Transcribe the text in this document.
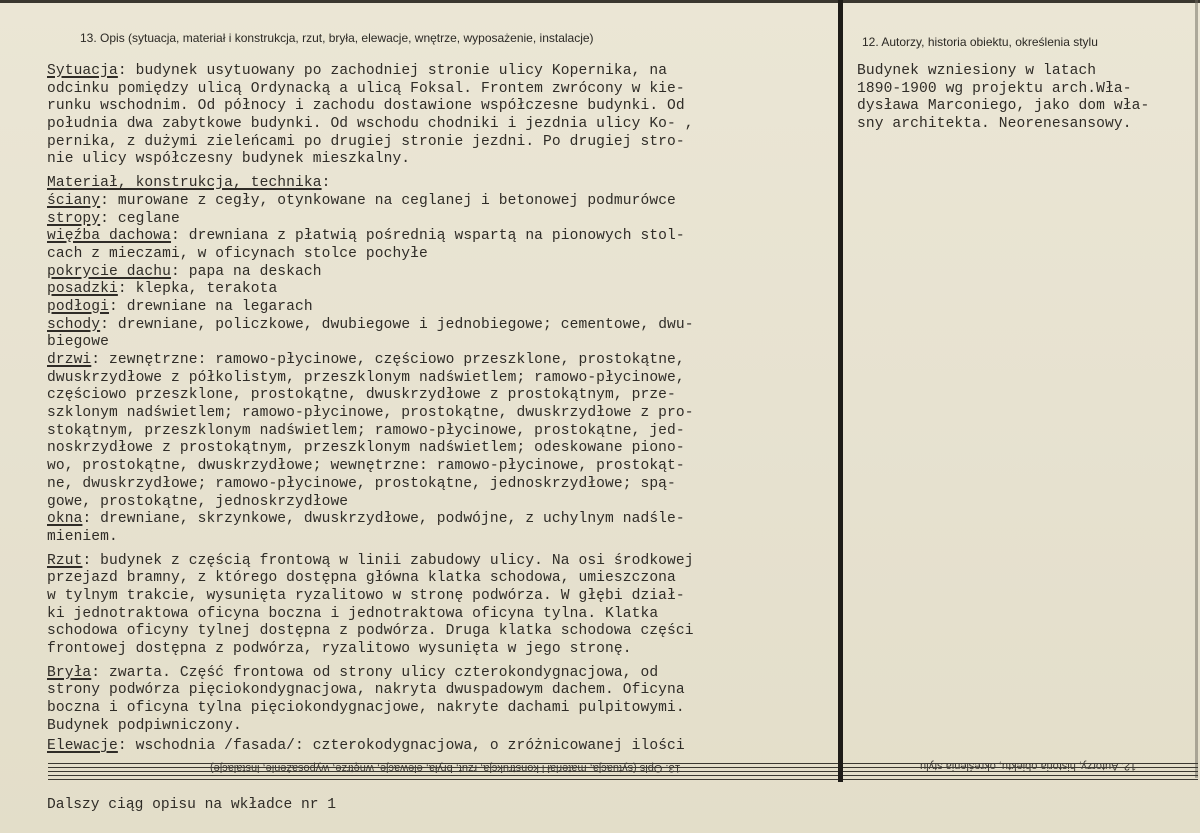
13. Opis (sytuacja, materiał i konstrukcja, rzut, bryła, elewacje, wnętrze, wyposażenie, instalacje)	12. Autorzy, historia obiektu, określenia stylu
Sytuacja: budynek usytuowany po zachodniej stronie ulicy Kopernika, na
odcinku pomiędzy ulicą Ordynacką a ulicą Foksal. Frontem zwrócony w kie-
runku wschodnim. Od północy i zachodu dostawione współczesne budynki. Od
południa dwa zabytkowe budynki. Od wschodu chodniki i jezdnia ulicy Ko- ,
pernika, z dużymi zieleńcami po drugiej stronie jezdni. Po drugiej stro-
nie ulicy współczesny budynek mieszkalny.
Materiał, konstrukcja, technika:
ściany: murowane z cegły, otynkowane na ceglanej i betonowej podmurówce
stropy: ceglane
więźba dachowa: drewniana z płatwią pośrednią wspartą na pionowych stol-
cach z mieczami, w oficynach stolce pochyłe
pokrycie dachu: papa na deskach
posadzki: klepka, terakota
podłogi: drewniane na legarach
schody: drewniane, policzkowe, dwubiegowe i jednobiegowe; cementowe, dwu-
biegowe
drzwi: zewnętrzne: ramowo-płycinowe, częściowo przeszklone, prostokątne,
dwuskrzydłowe z półkolistym, przeszklonym nadświetlem; ramowo-płycinowe,
częściowo przeszklone, prostokątne, dwuskrzydłowe z prostokątnym, prze-
szklonym nadświetlem; ramowo-płycinowe, prostokątne, dwuskrzydłowe z pro-
stokątnym, przeszklonym nadświetlem; ramowo-płycinowe, prostokątne, jed-
noskrzydłowe z prostokątnym, przeszklonym nadświetlem; odeskowane piono-
wo, prostokątne, dwuskrzydłowe; wewnętrzne: ramowo-płycinowe, prostokąt-
ne, dwuskrzydłowe; ramowo-płycinowe, prostokątne, jednoskrzydłowe; spą-
gowe, prostokątne, jednoskrzydłowe
okna: drewniane, skrzynkowe, dwuskrzydłowe, podwójne, z uchylnym nadśle-
mieniem.
Rzut: budynek z częścią frontową w linii zabudowy ulicy. Na osi środkowej
przejazd bramny, z którego dostępna główna klatka schodowa, umieszczona
w tylnym trakcie, wysunięta ryzalitowo w stronę podwórza. W głębi dział-
ki jednotraktowa oficyna boczna i jednotraktowa oficyna tylna. Klatka
schodowa oficyny tylnej dostępna z podwórza. Druga klatka schodowa części
frontowej dostępna z podwórza, ryzalitowo wysunięta w jego stronę.
Bryła: zwarta. Część frontowa od strony ulicy czterokondygnacjowa, od
strony podwórza pięciokondygnacjowa, nakryta dwuspadowym dachem. Oficyna
boczna i oficyna tylna pięciokondygnacjowe, nakryte dachami pulpitowymi.
Budynek podpiwniczony.
Elewacje: wschodnia /fasada/: czterokodygnacjowa, o zróżnicowanej ilości
Budynek wzniesiony w latach
1890-1900 wg projektu arch.Wła-
dysława Marconiego, jako dom wła-
sny architekta. Neorenesansowy.
13. Opis (sytuacja, materiał i konstrukcja, rzut, bryła, elewacje, wnętrze, wyposażenie, instalacje)	12. Autorzy, historia obiektu, określenia stylu
Dalszy ciąg opisu na wkładce nr 1
